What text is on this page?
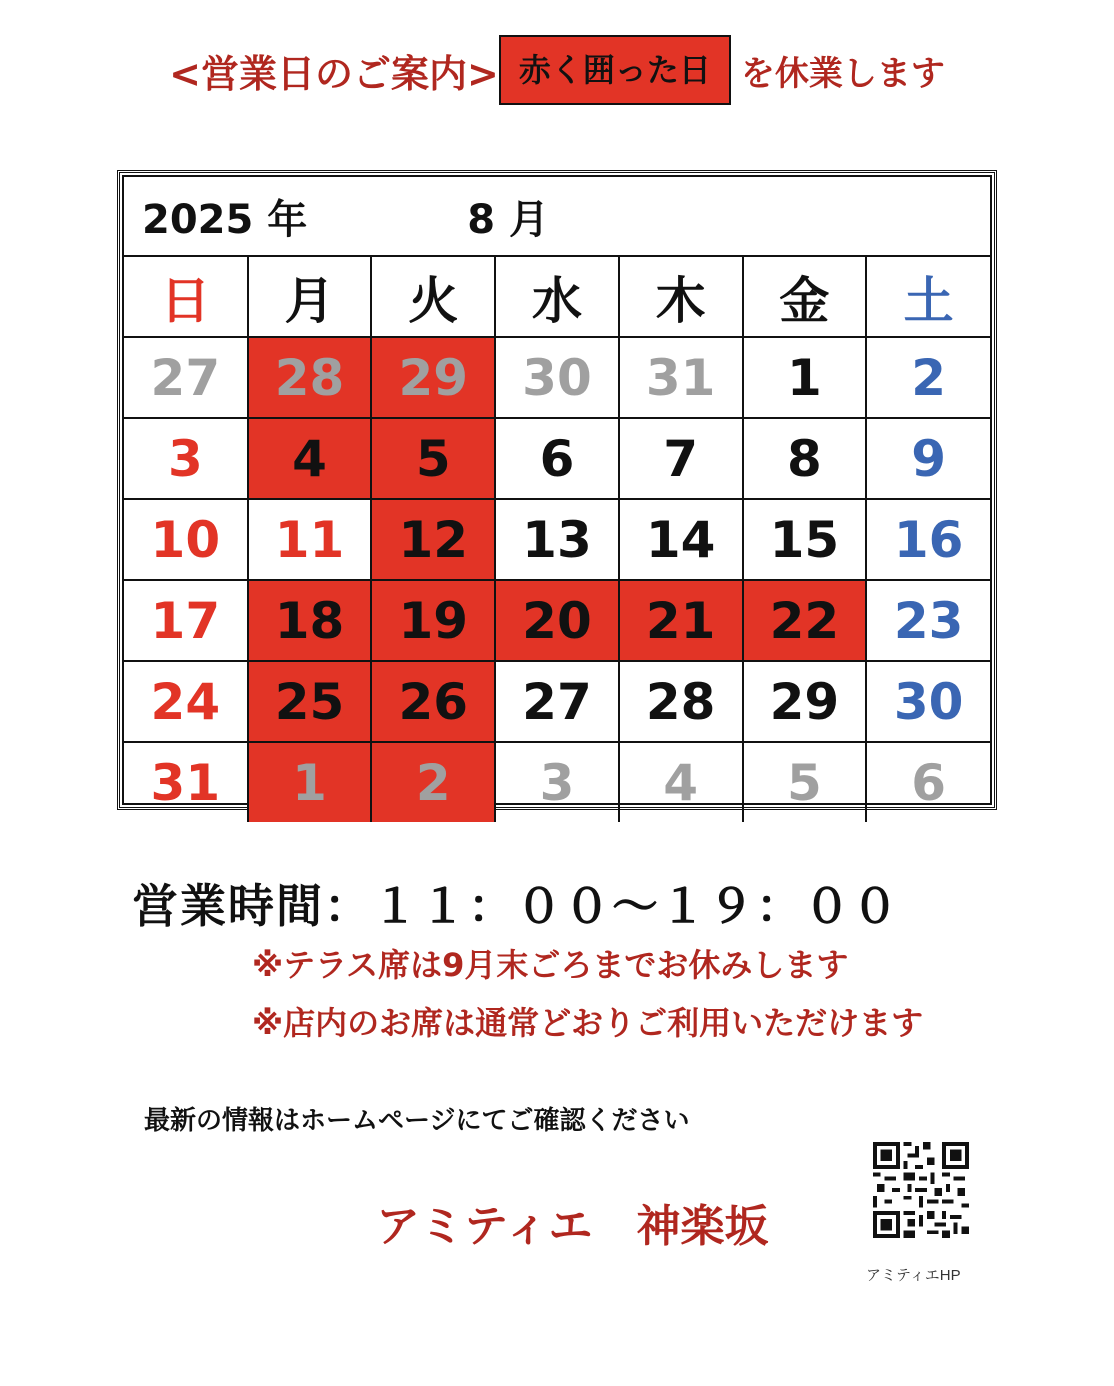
<営業日のご案内> 赤く囲った日 を休業します
2025 年	8 月
日	月	火	水	木	金	土
27	28	29	30	31	1	2
3	4	5	6	7	8	9
10	11	12	13	14	15	16
17	18	19	20	21	22	23
24	25	26	27	28	29	30
31	1	2	3	4	5	6
営業時間：１１：００〜１９：００
※テラス席は9月末ごろまでお休みします
※店内のお席は通常どおりご利用いただけます
最新の情報はホームページにてご確認ください
アミティエ　神楽坂
アミティエHP
